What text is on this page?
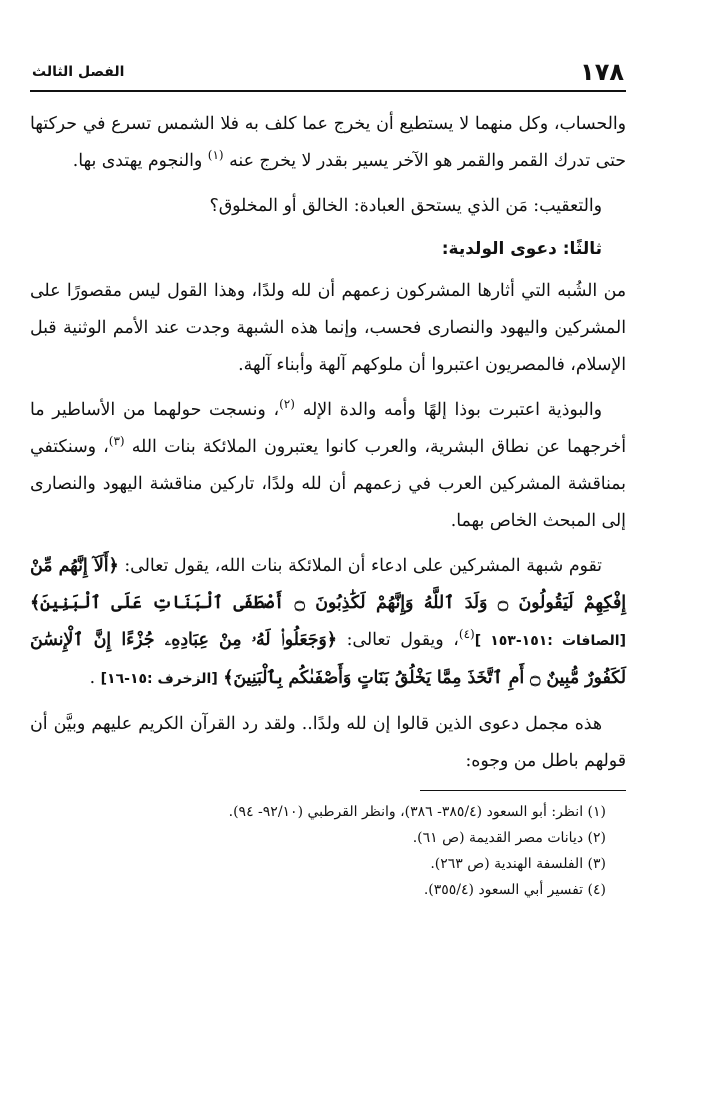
١٧٨
الفصل الثالث

والحساب، وكل منهما لا يستطيع أن يخرج عما كلف به فلا الشمس تسرع في حركتها حتى تدرك القمر والقمر هو الآخر يسير بقدر لا يخرج عنه $^{(١)}$ والنجوم يهتدى بها.

والتعقيب: مَن الذي يستحق العبادة: الخالق أو المخلوق؟

ثالثًا: دعوى الولدية:

من الشُبه التي أثارها المشركون زعمهم أن لله ولدًا، وهذا القول ليس مقصورًا على المشركين واليهود والنصارى فحسب، وإنما هذه الشبهة وجدت عند الأمم الوثنية قبل الإسلام، فالمصريون اعتبروا أن ملوكهم آلهة وأبناء آلهة.

والبوذية اعتبرت بوذا إلهًا وأمه والدة الإله $^{(٢)}$، ونسجت حولهما من الأساطير ما أخرجهما عن نطاق البشرية، والعرب كانوا يعتبرون الملائكة بنات الله $^{(٣)}$، وسنكتفي بمناقشة المشركين العرب في زعمهم أن لله ولدًا، تاركين مناقشة اليهود والنصارى إلى المبحث الخاص بهما.

تقوم شبهة المشركين على ادعاء أن الملائكة بنات الله، يقول تعالى: ﴿أَلَآ إِنَّهُم مِّنْ إِفْكِهِمْ لَيَقُولُونَ ۝ وَلَدَ ٱللَّهُ وَإِنَّهُمْ لَكَٰذِبُونَ ۝ أَصْطَفَى ٱلْبَنَاتِ عَلَى ٱلْبَنِينَ﴾ [الصافات :١٥١-١٥٣ ]$^{(٤)}$، ويقول تعالى: ﴿وَجَعَلُوا۟ لَهُۥ مِنْ عِبَادِهِۦ جُزْءًا إِنَّ ٱلْإِنسَٰنَ لَكَفُورٌ مُّبِينٌ ۝ أَمِ ٱتَّخَذَ مِمَّا يَخْلُقُ بَنَاتٍ وَأَصْفَىٰكُم بِٱلْبَنِينَ﴾ [الزخرف :١٥-١٦] .

هذه مجمل دعوى الذين قالوا إن لله ولدًا.. ولقد رد القرآن الكريم عليهم وبيَّن أن قولهم باطل من وجوه:

(١) انظر: أبو السعود (٣٨٥/٤- ٣٨٦)، وانظر القرطبي (٩٢/١٠- ٩٤).

(٢) ديانات مصر القديمة (ص ٦١).

(٣) الفلسفة الهندية (ص ٢٦٣).

(٤) تفسير أبي السعود (٣٥٥/٤).
